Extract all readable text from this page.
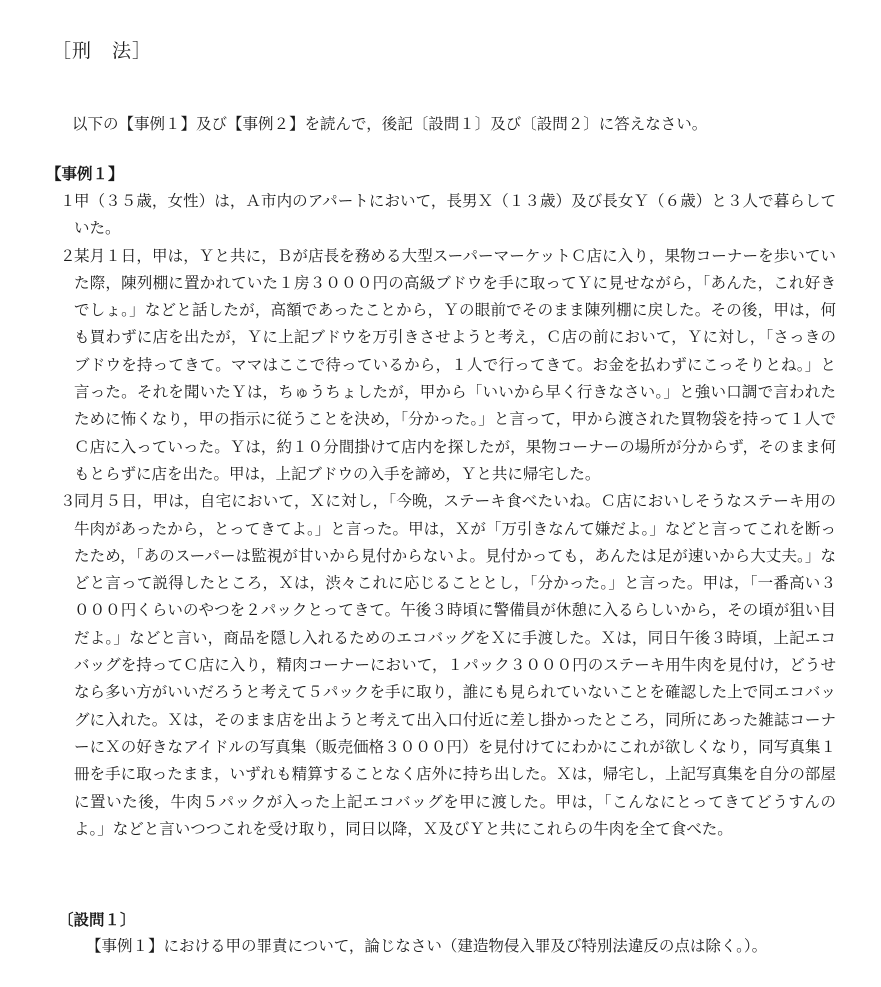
［刑　法］
以下の【事例１】及び【事例２】を読んで，後記〔設問１〕及び〔設問２〕に答えなさい。
【事例１】
１
甲（３５歳，女性）は，Ａ市内のアパートにおいて，長男Ｘ（１３歳）及び長女Ｙ（６歳）と３人で暮らしていた。
２
某月１日，甲は，Ｙと共に，Ｂが店長を務める大型スーパーマーケットＣ店に入り，果物コーナーを歩いていた際，陳列棚に置かれていた１房３０００円の高級ブドウを手に取ってＹに見せながら，「あんた，これ好きでしょ。」などと話したが，高額であったことから，Ｙの眼前でそのまま陳列棚に戻した。その後，甲は，何も買わずに店を出たが，Ｙに上記ブドウを万引きさせようと考え，Ｃ店の前において，Ｙに対し，「さっきのブドウを持ってきて。ママはここで待っているから，１人で行ってきて。お金を払わずにこっそりとね。」と言った。それを聞いたＹは，ちゅうちょしたが，甲から「いいから早く行きなさい。」と強い口調で言われたために怖くなり，甲の指示に従うことを決め，「分かった。」と言って，甲から渡された買物袋を持って１人でＣ店に入っていった。Ｙは，約１０分間掛けて店内を探したが，果物コーナーの場所が分からず，そのまま何もとらずに店を出た。甲は，上記ブドウの入手を諦め，Ｙと共に帰宅した。
３
同月５日，甲は，自宅において，Ｘに対し，「今晩，ステーキ食べたいね。Ｃ店においしそうなステーキ用の牛肉があったから，とってきてよ。」と言った。甲は，Ｘが「万引きなんて嫌だよ。」などと言ってこれを断ったため，「あのスーパーは監視が甘いから見付からないよ。見付かっても，あんたは足が速いから大丈夫。」などと言って説得したところ，Ｘは，渋々これに応じることとし，「分かった。」と言った。甲は，「一番高い３０００円くらいのやつを２パックとってきて。午後３時頃に警備員が休憩に入るらしいから，その頃が狙い目だよ。」などと言い，商品を隠し入れるためのエコバッグをＸに手渡した。Ｘは，同日午後３時頃，上記エコバッグを持ってＣ店に入り，精肉コーナーにおいて，１パック３０００円のステーキ用牛肉を見付け，どうせなら多い方がいいだろうと考えて５パックを手に取り，誰にも見られていないことを確認した上で同エコバッグに入れた。Ｘは，そのまま店を出ようと考えて出入口付近に差し掛かったところ，同所にあった雑誌コーナーにＸの好きなアイドルの写真集（販売価格３０００円）を見付けてにわかにこれが欲しくなり，同写真集１冊を手に取ったまま，いずれも精算することなく店外に持ち出した。Ｘは，帰宅し，上記写真集を自分の部屋に置いた後，牛肉５パックが入った上記エコバッグを甲に渡した。甲は，「こんなにとってきてどうすんのよ。」などと言いつつこれを受け取り，同日以降，Ｘ及びＹと共にこれらの牛肉を全て食べた。
〔設問１〕
【事例１】における甲の罪責について，論じなさい（建造物侵入罪及び特別法違反の点は除く。）。
